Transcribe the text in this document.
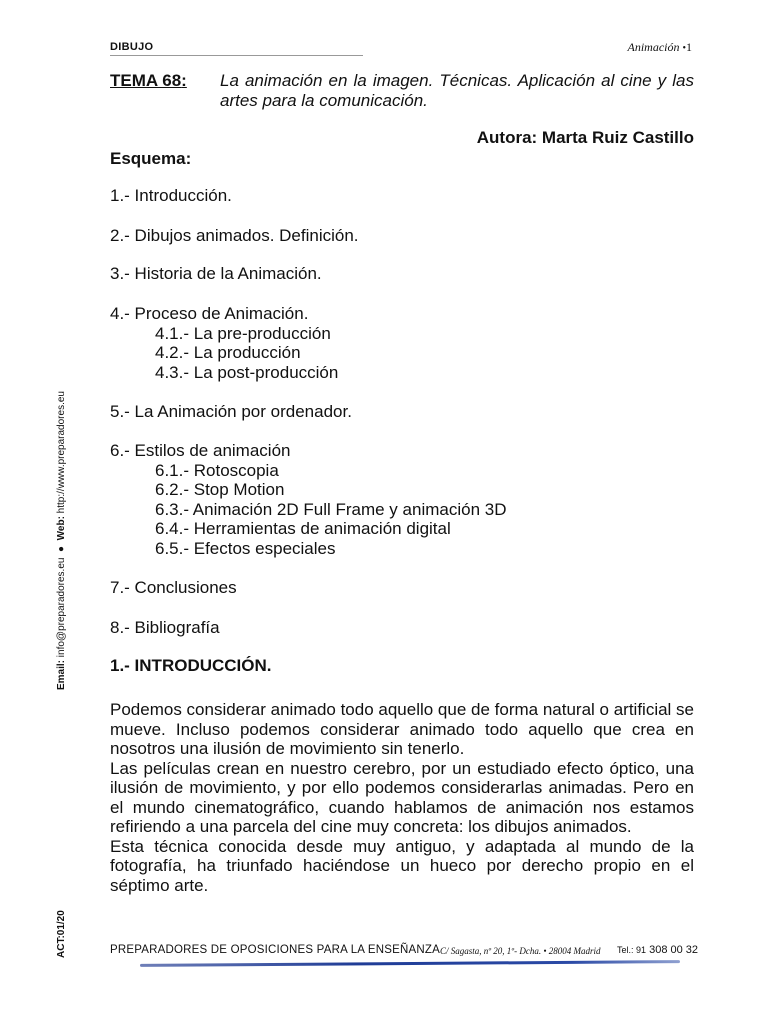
DIBUJO	Animación •1
TEMA 68: La animación en la imagen. Técnicas. Aplicación al cine y las artes para la comunicación.
Autora: Marta Ruiz Castillo
Esquema:
1.- Introducción.
2.- Dibujos animados. Definición.
3.- Historia de la Animación.
4.- Proceso de Animación.
4.1.- La pre-producción
4.2.- La producción
4.3.- La post-producción
5.- La Animación por ordenador.
6.- Estilos de animación
6.1.- Rotoscopia
6.2.- Stop Motion
6.3.- Animación 2D Full Frame y animación 3D
6.4.- Herramientas de animación digital
6.5.- Efectos especiales
7.- Conclusiones
8.- Bibliografía
1.- INTRODUCCIÓN.

Podemos considerar animado todo aquello que de forma natural o artificial se mueve. Incluso podemos considerar animado todo aquello que crea en nosotros una ilusión de movimiento sin tenerlo.

Las películas crean en nuestro cerebro, por un estudiado efecto óptico, una ilusión de movimiento, y por ello podemos considerarlas animadas. Pero en el mundo cinematográfico, cuando hablamos de animación nos estamos refiriendo a una parcela del cine muy concreta: los dibujos animados.

Esta técnica conocida desde muy antiguo, y adaptada al mundo de la fotografía, ha triunfado haciéndose un hueco por derecho propio en el séptimo arte.

Email: info@preparadores.eu  ●  Web: http://www.preparadores.eu
ACT:01/20	PREPARADORES DE OPOSICIONES PARA LA ENSEÑANZA C/ Sagasta, nº 20, 1º- Dcha. • 28004 Madrid Tel.: 91 308 00 32
